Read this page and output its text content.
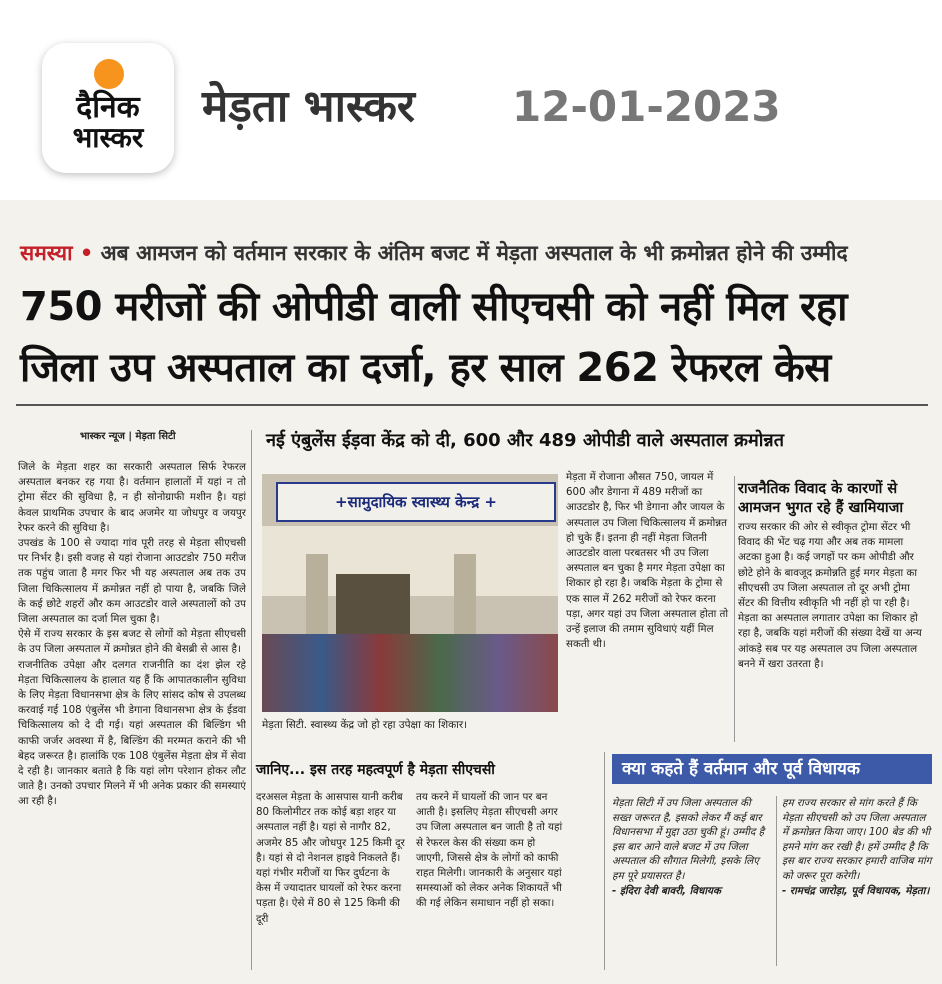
दैनिक
भास्कर
मेड़ता भास्कर 12-01-2023
समस्या • अब आमजन को वर्तमान सरकार के अंतिम बजट में मेड़ता अस्पताल के भी क्रमोन्नत होने की उम्मीद
750 मरीजों की ओपीडी वाली सीएचसी को नहीं मिल रहा
जिला उप अस्पताल का दर्जा, हर साल 262 रेफरल केस
भास्कर न्यूज | मेड़ता सिटी	नई एंबुलेंस ईड़वा केंद्र को दी, 600 और 489 ओपीडी वाले अस्पताल क्रमोन्नत

जिले के मेड़ता शहर का सरकारी अस्पताल सिर्फ रेफरल अस्पताल बनकर रह गया है। वर्तमान हालातों में यहां न तो ट्रोमा सेंटर की सुविधा है, न ही सोनोग्राफी मशीन है। यहां केवल प्राथमिक उपचार के बाद अजमेर या जोधपुर व जयपुर रेफर करने की सुविधा है।

उपखंड के 100 से ज्यादा गांव पूरी तरह से मेड़ता सीएचसी पर निर्भर है। इसी वजह से यहां रोजाना आउटडोर 750 मरीज तक पहुंच जाता है मगर फिर भी यह अस्पताल अब तक उप जिला चिकित्सालय में क्रमोन्नत नहीं हो पाया है, जबकि जिले के कई छोटे शहरों और कम आउटडोर वाले अस्पतालों को उप जिला अस्पताल का दर्जा मिल चुका है।

ऐसे में राज्य सरकार के इस बजट से लोगों को मेड़ता सीएचसी के उप जिला अस्पताल में क्रमोन्नत होने की बेसब्री से आस है।

राजनीतिक उपेक्षा और दलगत राजनीति का दंश झेल रहे मेड़ता चिकित्सालय के हालात यह हैं कि आपातकालीन सुविधा के लिए मेड़ता विधानसभा क्षेत्र के लिए सांसद कोष से उपलब्ध करवाई गई 108 एंबुलेंस भी डेगाना विधानसभा क्षेत्र के ईडवा चिकित्सालय को दे दी गई। यहां अस्पताल की बिल्डिंग भी काफी जर्जर अवस्था में है, बिल्डिंग की मरम्मत कराने की भी बेहद जरूरत है। हालांकि एक 108 एंबुलेंस मेड़ता क्षेत्र में सेवा दे रही है। जानकार बताते है कि यहां लोग परेशान होकर लौट जाते है। उनको उपचार मिलने में भी अनेक प्रकार की समस्याएं आ रही है।

+सामुदायिक स्वास्थ्य केन्द्र +
मेड़ता सिटी. स्वास्थ्य केंद्र जो हो रहा उपेक्षा का शिकार।
मेड़ता में रोजाना औसत 750, जायल में 600 और डेगाना में 489 मरीजों का आउटडोर है, फिर भी डेगाना और जायल के अस्पताल उप जिला चिकित्सालय में क्रमोन्नत हो चुके हैं। इतना ही नहीं मेड़ता जितनी आउटडोर वाला परबतसर भी उप जिला अस्पताल बन चुका है मगर मेड़ता उपेक्षा का शिकार हो रहा है। जबकि मेड़ता के ट्रोमा से एक साल में 262 मरीजों को रेफर करना पड़ा, अगर यहां उप जिला अस्पताल होता तो उन्हें इलाज की तमाम सुविधाएं यहीं मिल सकती थी।
राजनैतिक विवाद के कारणों से आमजन भुगत रहे हैं खामियाजा
राज्य सरकार की ओर से स्वीकृत ट्रोमा सेंटर भी विवाद की भेंट चढ़ गया और अब तक मामला अटका हुआ है। कई जगहों पर कम ओपीडी और छोटे होने के बावजूद क्रमोन्नति हुई मगर मेड़ता का सीएचसी उप जिला अस्पताल तो दूर अभी ट्रोमा सेंटर की वित्तीय स्वीकृति भी नहीं हो पा रही है। मेड़ता का अस्पताल लगातार उपेक्षा का शिकार हो रहा है, जबकि यहां मरीजों की संख्या देखें या अन्य आंकड़े सब पर यह अस्पताल उप जिला अस्पताल बनने में खरा उतरता है।
जानिए... इस तरह महत्वपूर्ण है मेड़ता सीएचसी
दरअसल मेड़ता के आसपास यानी करीब 80 किलोमीटर तक कोई बड़ा शहर या अस्पताल नहीं है। यहां से नागौर 82, अजमेर 85 और जोधपुर 125 किमी दूर है। यहां से दो नेशनल हाइवे निकलते हैं। यहां गंभीर मरीजों या फिर दुर्घटना के केस में ज्यादातर घायलों को रेफर करना पड़ता है। ऐसे में 80 से 125 किमी की दूरी
तय करने में घायलों की जान पर बन आती है। इसलिए मेड़ता सीएचसी अगर उप जिला अस्पताल बन जाती है तो यहां से रेफरल केस की संख्या कम हो जाएगी, जिससे क्षेत्र के लोगों को काफी राहत मिलेगी। जानकारी के अनुसार यहां समस्याओं को लेकर अनेक शिकायतें भी की गई लेकिन समाधान नहीं हो सका।
क्या कहते हैं वर्तमान और पूर्व विधायक
मेड़ता सिटी में उप जिला अस्पताल की सख्त जरूरत है, इसको लेकर मैं कई बार विधानसभा में मुद्दा उठा चुकी हूं। उम्मीद है इस बार आने वाले बजट में उप जिला अस्पताल की सौगात मिलेगी, इसके लिए हम पूरे प्रयासरत है।
- इंदिरा देवी बावरी, विधायक
हम राज्य सरकार से मांग करते हैं कि मेड़ता सीएचसी को उप जिला अस्पताल में क्रमोन्नत किया जाए। 100 बेड की भी हमने मांग कर रखी है। हमें उम्मीद है कि इस बार राज्य सरकार हमारी वाजिब मांग को जरूर पूरा करेगी।
- रामचंद्र जारोड़ा, पूर्व विधायक, मेड़ता।
